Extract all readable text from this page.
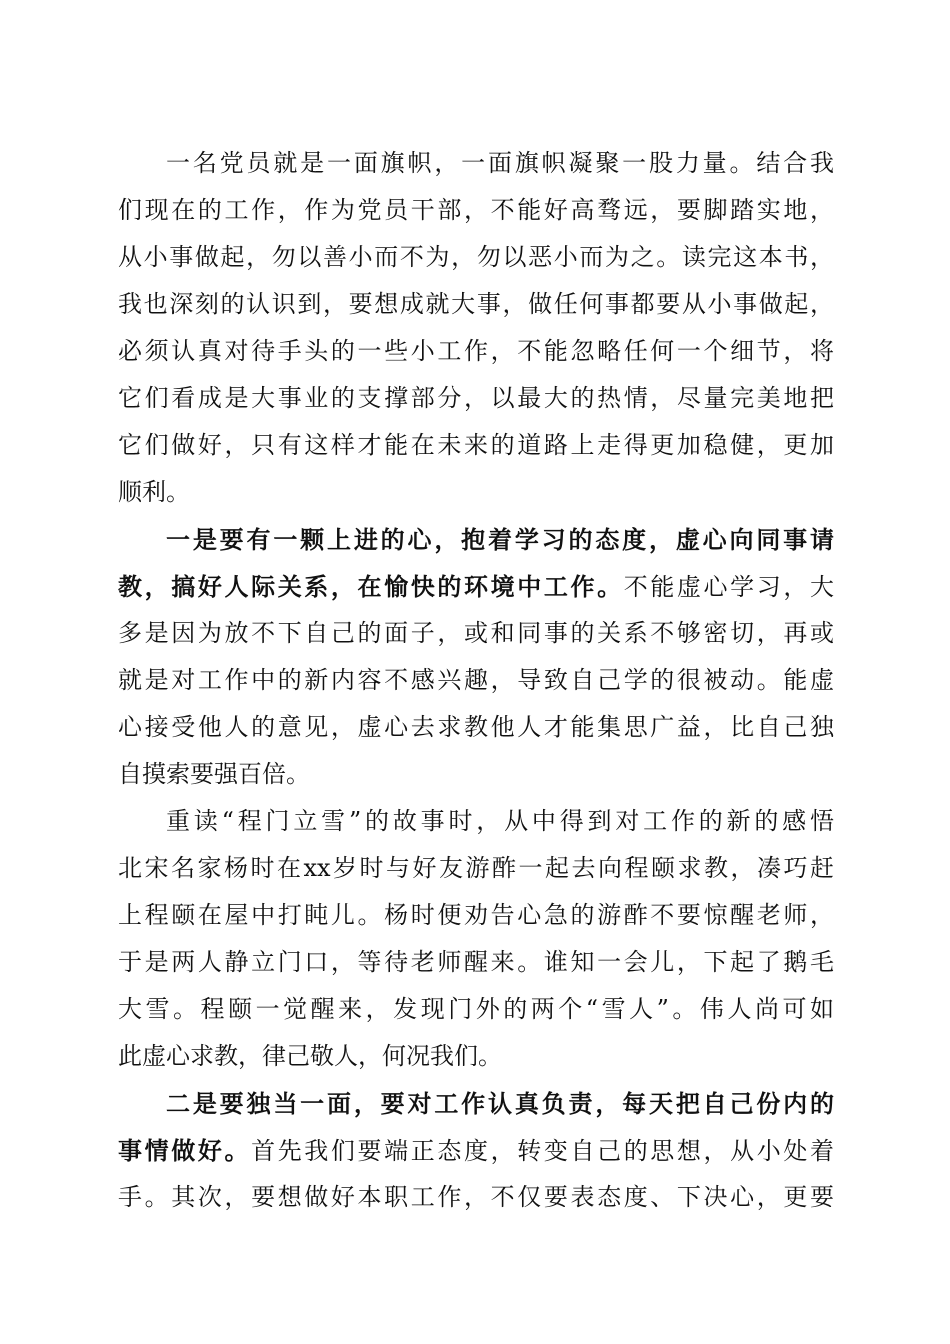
一名党员就是一面旗帜，一面旗帜凝聚一股力量。结合我
们现在的工作，作为党员干部，不能好高骛远，要脚踏实地，
从小事做起，勿以善小而不为，勿以恶小而为之。读完这本书，
我也深刻的认识到，要想成就大事，做任何事都要从小事做起，
必须认真对待手头的一些小工作，不能忽略任何一个细节，将
它们看成是大事业的支撑部分，以最大的热情，尽量完美地把
它们做好，只有这样才能在未来的道路上走得更加稳健，更加
顺利。
一是要有一颗上进的心，抱着学习的态度，虚心向同事请
教，搞好人际关系，在愉快的环境中工作。不能虚心学习，大
多是因为放不下自己的面子，或和同事的关系不够密切，再或
就是对工作中的新内容不感兴趣，导致自己学的很被动。能虚
心接受他人的意见，虚心去求教他人才能集思广益，比自己独
自摸索要强百倍。
重读“程门立雪”的故事时，从中得到对工作的新的感悟
北宋名家杨时在xx岁时与好友游酢一起去向程颐求教，凑巧赶
上程颐在屋中打盹儿。杨时便劝告心急的游酢不要惊醒老师，
于是两人静立门口，等待老师醒来。谁知一会儿，下起了鹅毛
大雪。程颐一觉醒来，发现门外的两个“雪人”。伟人尚可如
此虚心求教，律己敬人，何况我们。
二是要独当一面，要对工作认真负责，每天把自己份内的
事情做好。首先我们要端正态度，转变自己的思想，从小处着
手。其次，要想做好本职工作，不仅要表态度、下决心，更要
